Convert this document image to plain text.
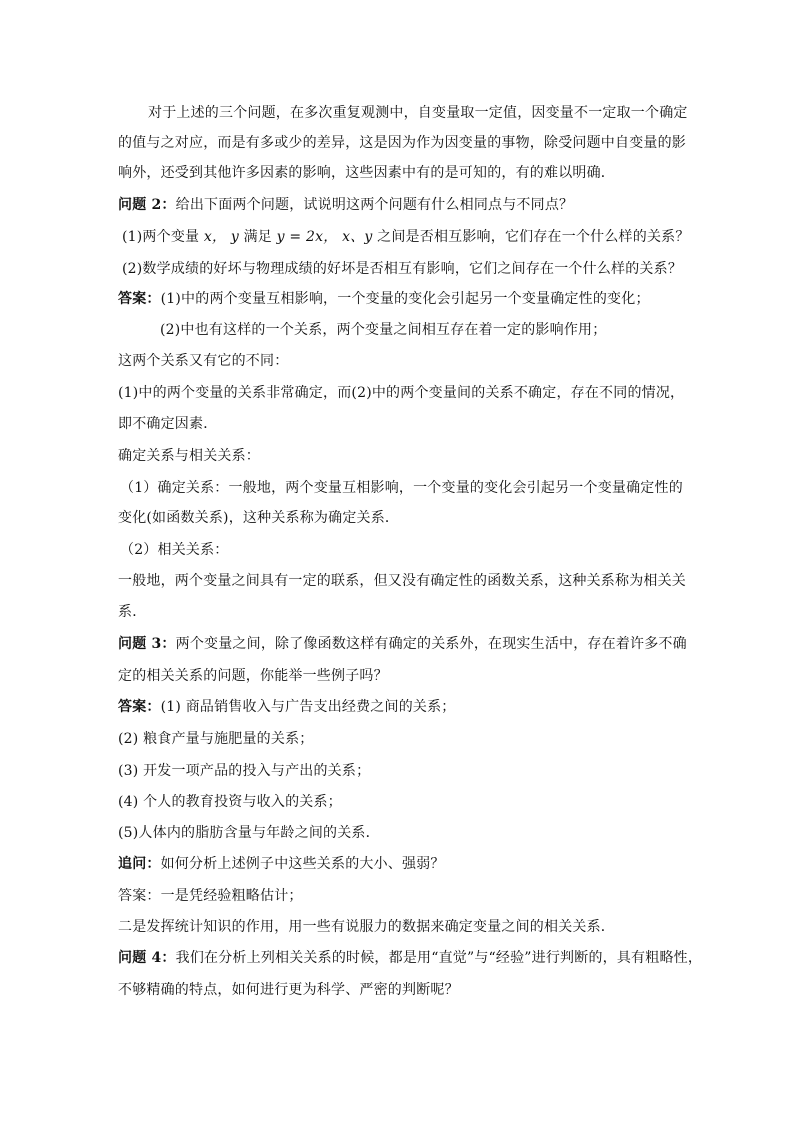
对于上述的三个问题，在多次重复观测中，自变量取一定值，因变量不一定取一个确定
的值与之对应，而是有多或少的差异，这是因为作为因变量的事物，除受问题中自变量的影
响外，还受到其他许多因素的影响，这些因素中有的是可知的，有的难以明确．
问题 2：给出下面两个问题，试说明这两个问题有什么相同点与不同点？
(1)两个变量 x， y 满足 y = 2x， x、y 之间是否相互影响，它们存在一个什么样的关系？
(2)数学成绩的好坏与物理成绩的好坏是否相互有影响，它们之间存在一个什么样的关系？
答案：(1)中的两个变量互相影响，一个变量的变化会引起另一个变量确定性的变化；
(2)中也有这样的一个关系，两个变量之间相互存在着一定的影响作用；
这两个关系又有它的不同：
(1)中的两个变量的关系非常确定，而(2)中的两个变量间的关系不确定，存在不同的情况，
即不确定因素．
确定关系与相关关系：
（1）确定关系：一般地，两个变量互相影响，一个变量的变化会引起另一个变量确定性的
变化(如函数关系)，这种关系称为确定关系．
（2）相关关系：
一般地，两个变量之间具有一定的联系，但又没有确定性的函数关系，这种关系称为相关关
系．
问题 3：两个变量之间，除了像函数这样有确定的关系外，在现实生活中，存在着许多不确
定的相关关系的问题，你能举一些例子吗？
答案：(1) 商品销售收入与广告支出经费之间的关系；
(2) 粮食产量与施肥量的关系；
(3) 开发一项产品的投入与产出的关系；
(4) 个人的教育投资与收入的关系；
(5)人体内的脂肪含量与年龄之间的关系．
追问：如何分析上述例子中这些关系的大小、强弱？
答案：一是凭经验粗略估计；
二是发挥统计知识的作用，用一些有说服力的数据来确定变量之间的相关关系．
问题 4：我们在分析上列相关关系的时候，都是用“直觉”与“经验”进行判断的，具有粗略性，
不够精确的特点，如何进行更为科学、严密的判断呢？
